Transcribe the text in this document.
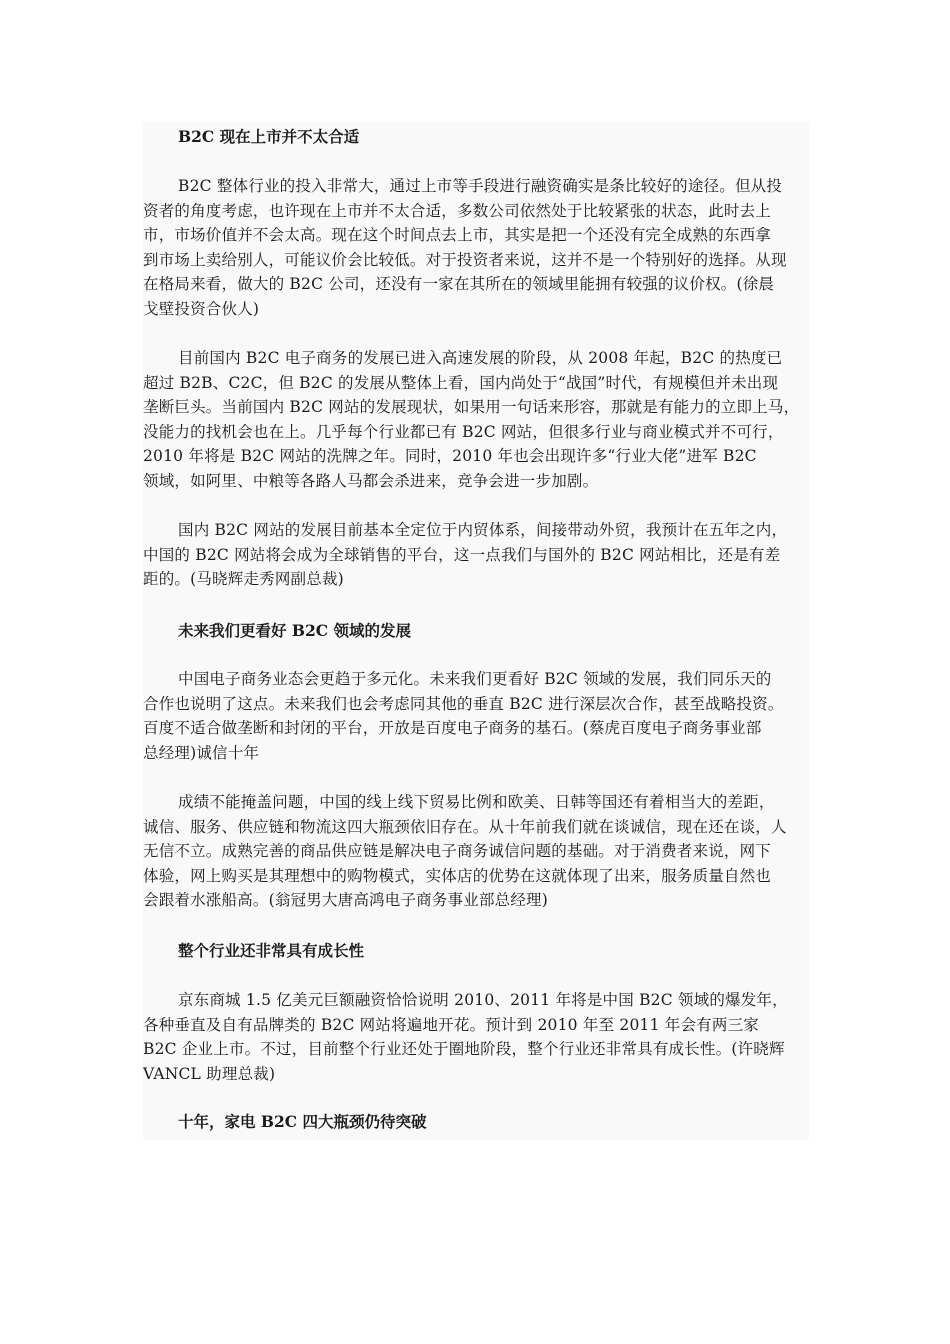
B2C 现在上市并不太合适
B2C 整体行业的投入非常大，通过上市等手段进行融资确实是条比较好的途径。但从投
资者的角度考虑，也许现在上市并不太合适，多数公司依然处于比较紧张的状态，此时去上
市，市场价值并不会太高。现在这个时间点去上市，其实是把一个还没有完全成熟的东西拿
到市场上卖给别人，可能议价会比较低。对于投资者来说，这并不是一个特别好的选择。从现
在格局来看，做大的 B2C 公司，还没有一家在其所在的领域里能拥有较强的议价权。(徐晨
戈壁投资合伙人)
目前国内 B2C 电子商务的发展已进入高速发展的阶段，从 2008 年起，B2C 的热度已
超过 B2B、C2C，但 B2C 的发展从整体上看，国内尚处于“战国”时代，有规模但并未出现
垄断巨头。当前国内 B2C 网站的发展现状，如果用一句话来形容，那就是有能力的立即上马，
没能力的找机会也在上。几乎每个行业都已有 B2C 网站，但很多行业与商业模式并不可行，
2010 年将是 B2C 网站的洗牌之年。同时，2010 年也会出现许多“行业大佬”进军 B2C
领域，如阿里、中粮等各路人马都会杀进来，竞争会进一步加剧。
国内 B2C 网站的发展目前基本全定位于内贸体系，间接带动外贸，我预计在五年之内，
中国的 B2C 网站将会成为全球销售的平台，这一点我们与国外的 B2C 网站相比，还是有差
距的。(马晓辉走秀网副总裁)
未来我们更看好 B2C 领域的发展
中国电子商务业态会更趋于多元化。未来我们更看好 B2C 领域的发展，我们同乐天的
合作也说明了这点。未来我们也会考虑同其他的垂直 B2C 进行深层次合作，甚至战略投资。
百度不适合做垄断和封闭的平台，开放是百度电子商务的基石。(蔡虎百度电子商务事业部
总经理)诚信十年
成绩不能掩盖问题，中国的线上线下贸易比例和欧美、日韩等国还有着相当大的差距，
诚信、服务、供应链和物流这四大瓶颈依旧存在。从十年前我们就在谈诚信，现在还在谈，人
无信不立。成熟完善的商品供应链是解决电子商务诚信问题的基础。对于消费者来说，网下
体验，网上购买是其理想中的购物模式，实体店的优势在这就体现了出来，服务质量自然也
会跟着水涨船高。(翁冠男大唐高鸿电子商务事业部总经理)
整个行业还非常具有成长性
京东商城 1.5 亿美元巨额融资恰恰说明 2010、2011 年将是中国 B2C 领域的爆发年，
各种垂直及自有品牌类的 B2C 网站将遍地开花。预计到 2010 年至 2011 年会有两三家
B2C 企业上市。不过，目前整个行业还处于圈地阶段，整个行业还非常具有成长性。(许晓辉
VANCL 助理总裁)
十年，家电 B2C 四大瓶颈仍待突破
